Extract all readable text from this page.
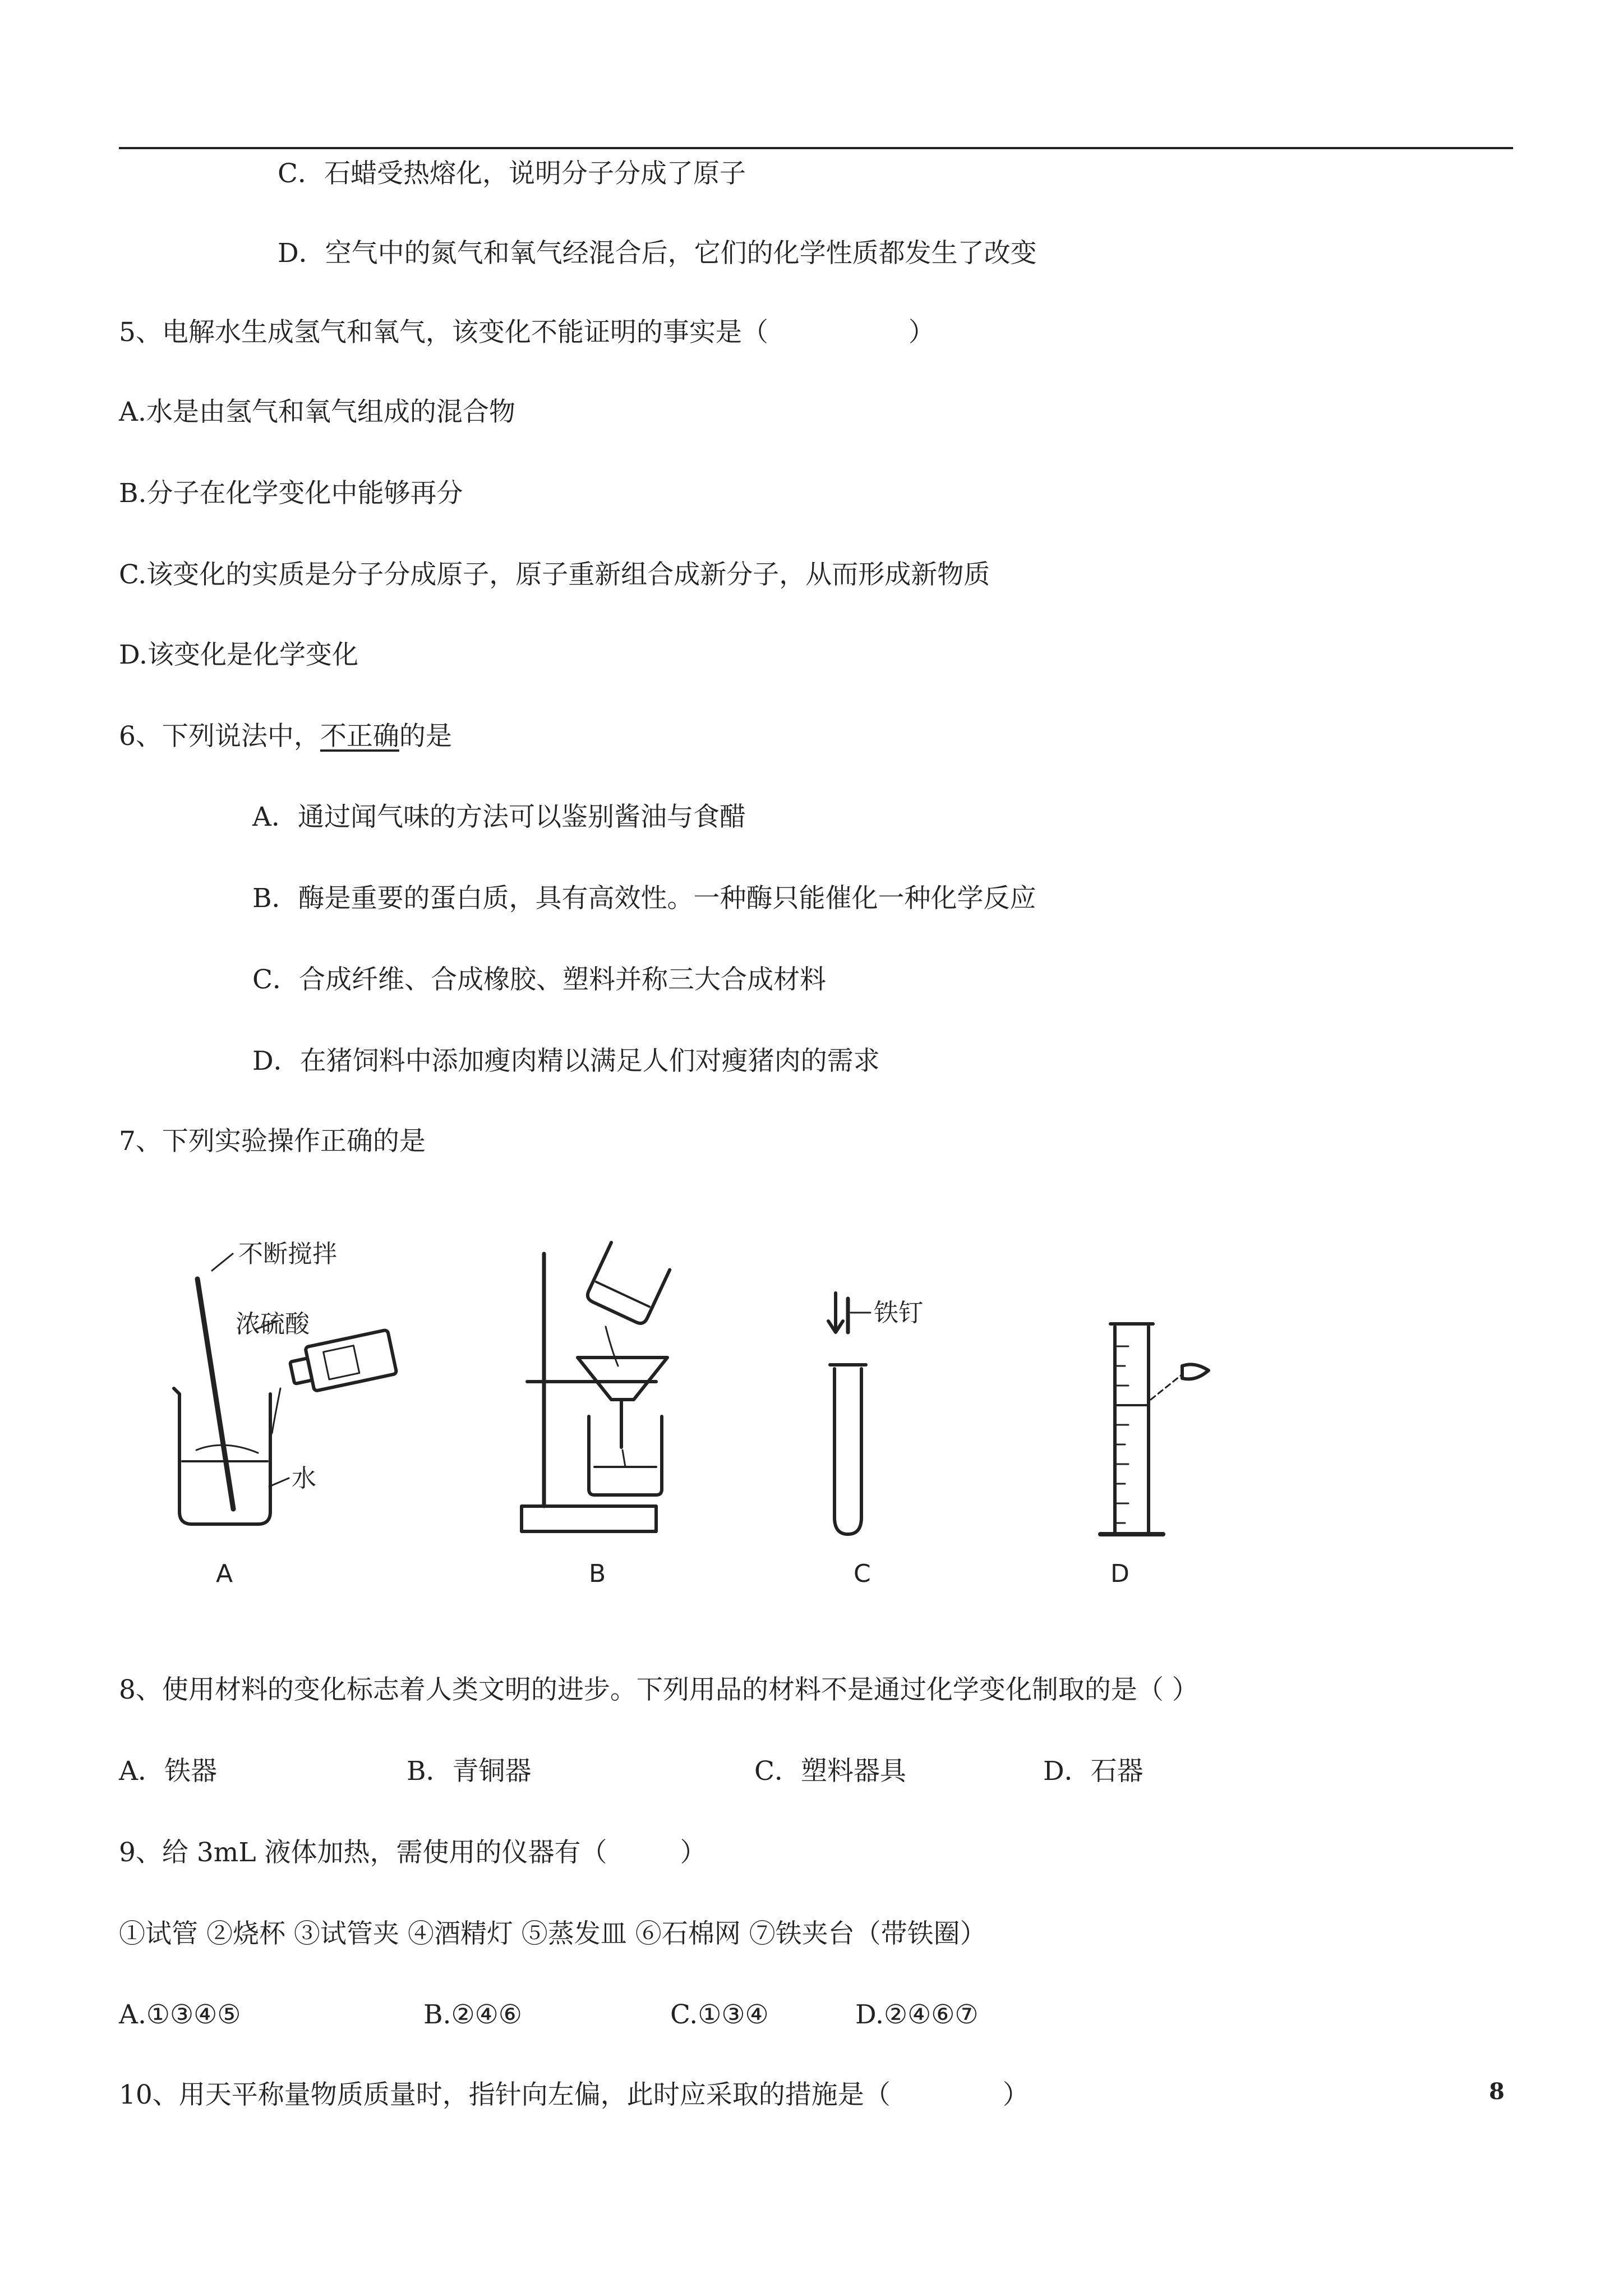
C．石蜡受热熔化，说明分子分成了原子
D．空气中的氮气和氧气经混合后，它们的化学性质都发生了改变
5、电解水生成氢气和氧气，该变化不能证明的事实是（	）
A.水是由氢气和氧气组成的混合物
B.分子在化学变化中能够再分
C.该变化的实质是分子分成原子，原子重新组合成新分子，从而形成新物质
D.该变化是化学变化
6、下列说法中，不正确的是
A．通过闻气味的方法可以鉴别酱油与食醋
B．酶是重要的蛋白质，具有高效性。一种酶只能催化一种化学反应
C．合成纤维、合成橡胶、塑料并称三大合成材料
D．在猪饲料中添加瘦肉精以满足人们对瘦猪肉的需求
7、下列实验操作正确的是
不断搅拌
浓硫酸
水
铁钉
A	B	C	D
8、使用材料的变化标志着人类文明的进步。下列用品的材料不是通过化学变化制取的是（ ）
A．铁器	B．青铜器	C．塑料器具	D．石器
9、给 3mL 液体加热，需使用的仪器有（	）
①试管 ②烧杯 ③试管夹 ④酒精灯 ⑤蒸发皿 ⑥石棉网 ⑦铁夹台（带铁圈）
A.①③④⑤	B.②④⑥	C.①③④	D.②④⑥⑦
10、用天平称量物质质量时，指针向左偏，此时应采取的措施是（	）	8
